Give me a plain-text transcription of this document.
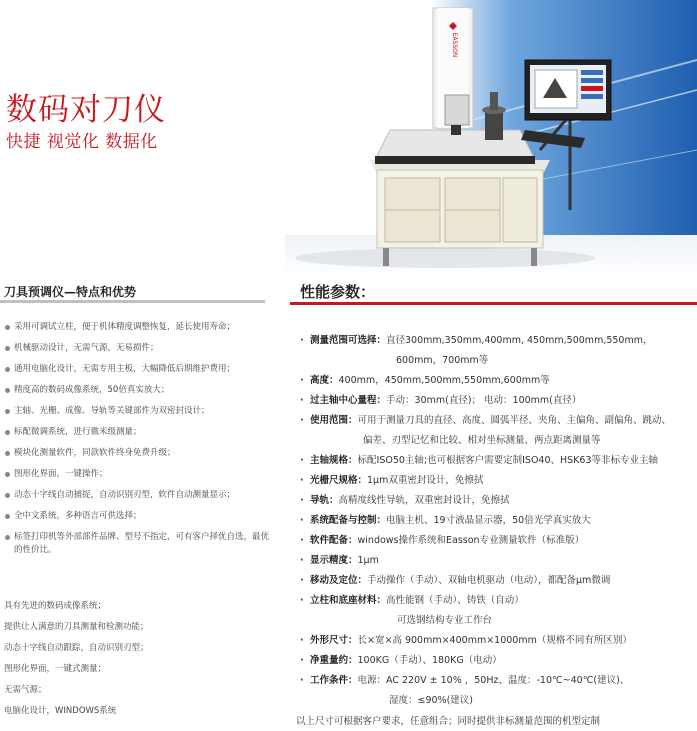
数码对刀仪
快捷 视觉化 数据化
EASSON
刀具预调仪—特点和优势	性能参数：
采用可调试立柱，便于机体精度调整恢复，延长使用寿命；
机械驱动设计，无需气源，无易损件；
通用电脑化设计，无需专用主板，大幅降低后期维护费用；
精度高的数码成像系统，50倍真实放大；
主轴、光栅、成像、导轨等关键部件为双密封设计；
标配微调系统，进行微米级测量；
模块化测量软件，同款软件终身免费升级；
图形化界面，一键操作；
动态十字线自动捕捉，自动识别刃型，软件自动测量显示；
全中文系统，多种语言可供选择；
标签打印机等外部部件品牌、型号不指定，可有客户择优自选，最优的性价比。
具有先进的数码成像系统；
提供让人满意的刀具测量和检测功能；
动态十字线自动跟踪，自动识别刃型；
图形化界面，一键式测量；
无需气源；
电脑化设计，WINDOWS系统
· 测量范围可选择：直径300mm,350mm,400mm, 450mm,500mm,550mm，
600mm，700mm等
· 高度：400mm，450mm,500mm,550mm,600mm等
· 过主轴中心量程：手动：30mm(直径)； 电动：100mm(直径）
· 使用范围：可用于测量刀具的直径、高度、圆弧半径、夹角、主偏角、副偏角、跳动、
偏差、刃型记忆和比较、相对坐标测量、两点距离测量等
· 主轴规格：标配ISO50主轴;也可根据客户需要定制ISO40、HSK63等非标专业主轴
· 光栅尺规格：1μm双重密封设计，免擦拭
· 导轨：高精度线性导轨，双重密封设计，免擦拭
· 系统配备与控制：电脑主机、19寸液晶显示器，50倍光学真实放大
· 软件配备：windows操作系统和Easson专业测量软件（标准版）
· 显示精度：1μm
· 移动及定位：手动操作（手动）、双轴电机驱动（电动），都配备μm微调
· 立柱和底座材料：高性能钢（手动）、铸铁（自动）
可选钢结构专业工作台
· 外形尺寸：长×宽×高 900mm×400mm×1000mm（规格不同有所区别）
· 净重量约：100KG（手动）、180KG（电动）
· 工作条件：电源：AC 220V ± 10% ，50Hz、温度：-10℃~40℃(建议)、
湿度：≤90%(建议)
以上尺寸可根据客户要求，任意组合；同时提供非标测量范围的机型定制
